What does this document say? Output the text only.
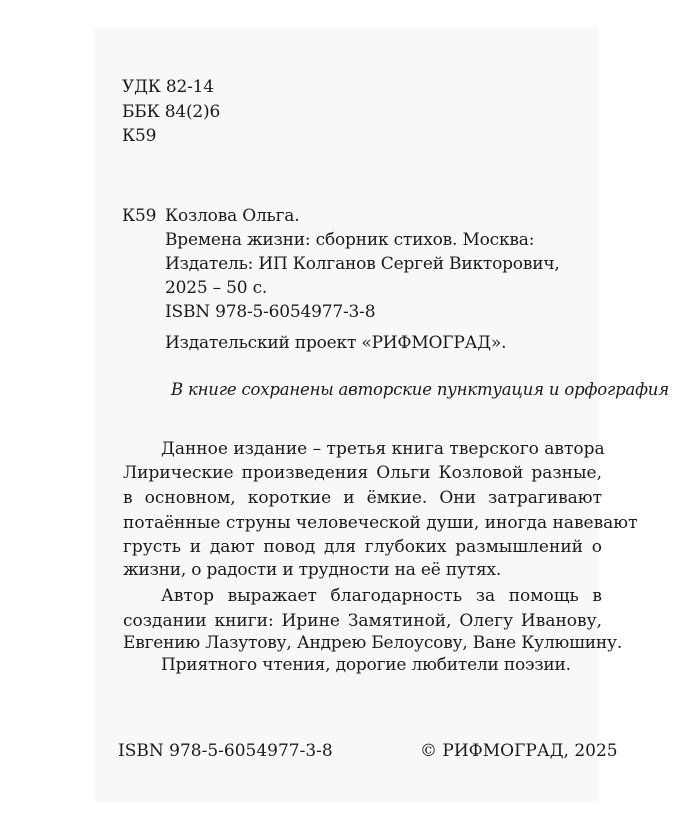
УДК 82-14
ББК 84(2)6
К59
К59 Козлова Ольга.
Времена жизни: сборник стихов. Москва:
Издатель: ИП Колганов Сергей Викторович,
2025 – 50 с.
ISBN 978-5-6054977-3-8
Издательский проект «РИФМОГРАД».
В книге сохранены авторские пунктуация и орфография
Данное издание – третья книга тверского автора
Лирические произведения Ольги Козловой разные,
в основном, короткие и ёмкие. Они затрагивают
потаённые струны человеческой души, иногда навевают
грусть и дают повод для глубоких размышлений о
жизни, о радости и трудности на её путях.
Автор выражает благодарность за помощь в
создании книги: Ирине Замятиной, Олегу Иванову,
Евгению Лазутову, Андрею Белоусову, Ване Кулюшину.
Приятного чтения, дорогие любители поэзии.
ISBN 978-5-6054977-3-8	© РИФМОГРАД, 2025
